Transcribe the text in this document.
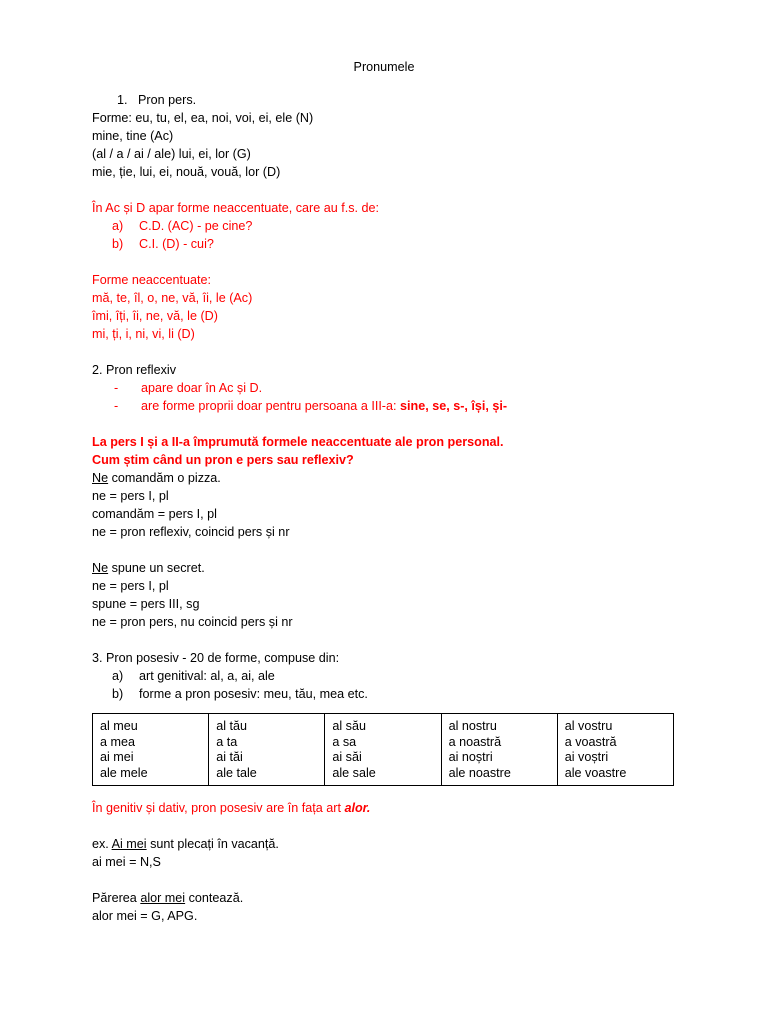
Pronumele
1. Pron pers.
Forme: eu, tu, el, ea, noi, voi, ei, ele (N)
mine, tine (Ac)
(al / a / ai / ale) lui, ei, lor (G)
mie, ție, lui, ei, nouă, vouă, lor (D)
În Ac și D apar forme neaccentuate, care au f.s. de:
a)	C.D. (AC) - pe cine?
b)	C.I. (D) - cui?
Forme neaccentuate:
mă, te, îl, o, ne, vă, îi, le (Ac)
îmi, îți, îi, ne, vă, le (D)
mi, ți, i, ni, vi, li (D)
2. Pron reflexiv
-	apare doar în Ac și D.
-	are forme proprii doar pentru persoana a III-a: sine, se, s-, își, și-
La pers I și a II-a împrumută formele neaccentuate ale pron personal.
Cum știm când un pron e pers sau reflexiv?
Ne comandăm o pizza.
ne = pers I, pl
comandăm = pers I, pl
ne = pron reflexiv, coincid pers și nr
Ne spune un secret.
ne = pers I, pl
spune = pers III, sg
ne = pron pers, nu coincid pers și nr
3. Pron posesiv - 20 de forme, compuse din:
a)	art genitival: al, a, ai, ale
b)	forme a pron posesiv: meu, tău, mea etc.
al meu
a mea
ai mei
ale mele

al tău
a ta
ai tăi
ale tale

al său
a sa
ai săi
ale sale

al nostru
a noastră
ai noștri
ale noastre

al vostru
a voastră
ai voștri
ale voastre
În genitiv și dativ, pron posesiv are în fața art alor.
ex. Ai mei sunt plecați în vacanță.
ai mei = N,S
Părerea alor mei contează.
alor mei = G, APG.
